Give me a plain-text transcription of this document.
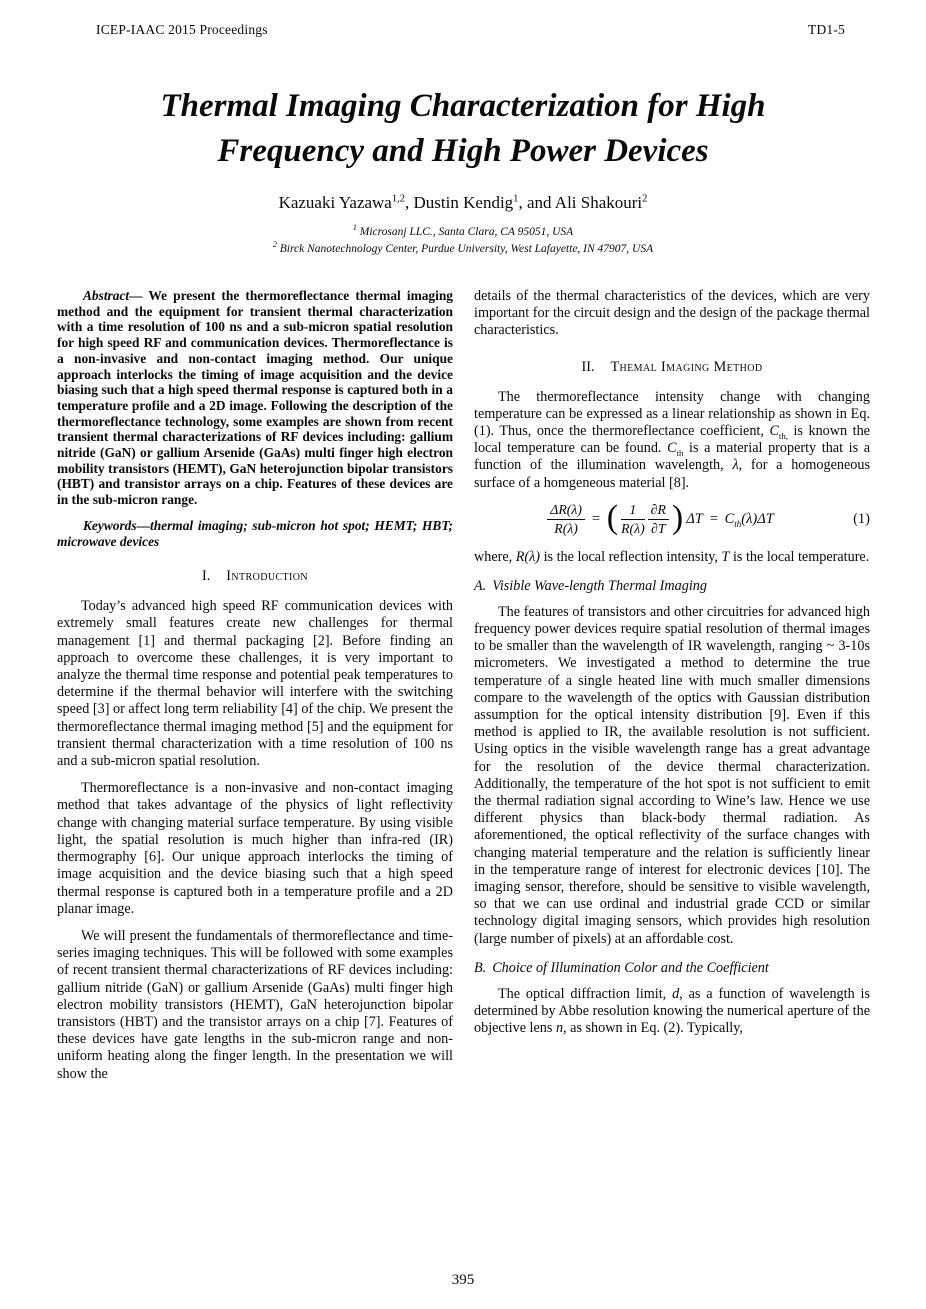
ICEP-IAAC 2015 Proceedings	TD1-5
Thermal Imaging Characterization for High Frequency and High Power Devices
Kazuaki Yazawa$^{1,2}$, Dustin Kendig$^1$, and Ali Shakouri$^2$
$^1$ Microsanj LLC., Santa Clara, CA 95051, USA
$^2$ Birck Nanotechnology Center, Purdue University, West Lafayette, IN 47907, USA

Abstract— We present the thermoreflectance thermal imaging method and the equipment for transient thermal characterization with a time resolution of 100 ns and a sub-micron spatial resolution for high speed RF and communication devices. Thermoreflectance is a non-invasive and non-contact imaging method. Our unique approach interlocks the timing of image acquisition and the device biasing such that a high speed thermal response is captured both in a temperature profile and a 2D image. Following the description of the thermoreflectance technology, some examples are shown from recent transient thermal characterizations of RF devices including: gallium nitride (GaN) or gallium Arsenide (GaAs) multi finger high electron mobility transistors (HEMT), GaN heterojunction bipolar transistors (HBT) and transistor arrays on a chip. Features of these devices are in the sub-micron range.

Keywords—thermal imaging; sub-micron hot spot; HEMT; HBT; microwave devices

I. Introduction

Today’s advanced high speed RF communication devices with extremely small features create new challenges for thermal management [1] and thermal packaging [2]. Before finding an approach to overcome these challenges, it is very important to analyze the thermal time response and potential peak temperatures to determine if the thermal behavior will interfere with the switching speed [3] or affect long term reliability [4] of the chip. We present the thermoreflectance thermal imaging method [5] and the equipment for transient thermal characterization with a time resolution of 100 ns and a sub-micron spatial resolution.

Thermoreflectance is a non-invasive and non-contact imaging method that takes advantage of the physics of light reflectivity change with changing material surface temperature. By using visible light, the spatial resolution is much higher than infra-red (IR) thermography [6]. Our unique approach interlocks the timing of image acquisition and the device biasing such that a high speed thermal response is captured both in a temperature profile and a 2D planar image.

We will present the fundamentals of thermoreflectance and time-series imaging techniques. This will be followed with some examples of recent transient thermal characterizations of RF devices including: gallium nitride (GaN) or gallium Arsenide (GaAs) multi finger high electron mobility transistors (HEMT), GaN heterojunction bipolar transistors (HBT) and the transistor arrays on a chip [7]. Features of these devices have gate lengths in the sub-micron range and non-uniform heating along the finger length. In the presentation we will show the

details of the thermal characteristics of the devices, which are very important for the circuit design and the design of the package thermal characteristics.

II. Themal Imaging Method

The thermoreflectance intensity change with changing temperature can be expressed as a linear relationship as shown in Eq. (1). Thus, once the thermoreflectance coefficient, $C_{th,}$ is known the local temperature can be found. $C_{th}$ is a material property that is a function of the illumination wavelength, λ, for a homogeneous surface of a homgeneous material [8].

$\frac{\Delta R(\lambda)}{R(\lambda)}$ = ( $\frac{1}{R(\lambda)} \frac{\partial R}{\partial T}$ ) $\Delta T = C_{th}(\lambda)\Delta T$	(1)

where, R(λ) is the local reflection intensity, T is the local temperature.

A. Visible Wave-length Thermal Imaging

The features of transistors and other circuitries for advanced high frequency power devices require spatial resolution of thermal images to be smaller than the wavelength of IR wavelength, ranging ~ 3-10s micrometers. We investigated a method to determine the true temperature of a single heated line with much smaller dimensions compare to the wavelength of the optics with Gaussian distribution assumption for the optical intensity distribution [9]. Even if this method is applied to IR, the available resolution is not sufficient. Using optics in the visible wavelength range has a great advantage for the resolution of the device thermal characterization. Additionally, the temperature of the hot spot is not sufficient to emit the thermal radiation signal according to Wine’s law. Hence we use different physics than black-body thermal radiation. As aforementioned, the optical reflectivity of the surface changes with changing material temperature and the relation is sufficiently linear in the temperature range of interest for electronic devices [10]. The imaging sensor, therefore, should be sensitive to visible wavelength, so that we can use ordinal and industrial grade CCD or similar technology digital imaging sensors, which provides high resolution (large number of pixels) at an affordable cost.

B. Choice of Illumination Color and the Coefficient

The optical diffraction limit, d, as a function of wavelength is determined by Abbe resolution knowing the numerical aperture of the objective lens n, as shown in Eq. (2). Typically,

395
